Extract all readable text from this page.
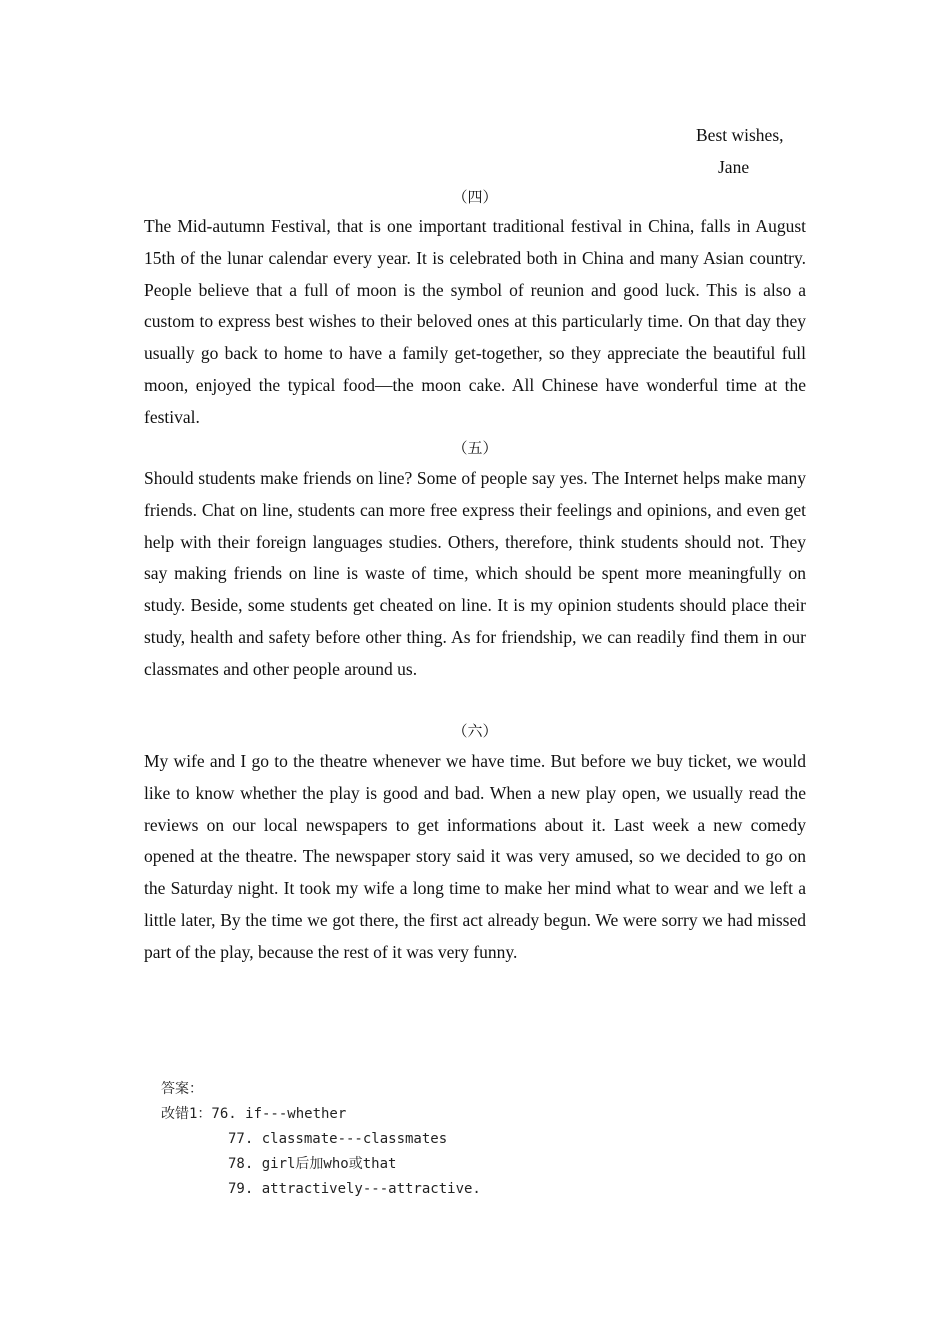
Best wishes,
Jane
（四）

The Mid-autumn Festival, that is one important traditional festival in China, falls in August 15th of the lunar calendar every year. It is celebrated both in China and many Asian country. People believe that a full of moon is the symbol of reunion and good luck. This is also a custom to express best wishes to their beloved ones at this particularly time. On that day they usually go back to home to have a family get-together, so they appreciate the beautiful full moon, enjoyed the typical food—the moon cake. All Chinese have wonderful time at the festival.

（五）

Should students make friends on line? Some of people say yes. The Internet helps make many friends. Chat on line, students can more free express their feelings and opinions, and even get help with their foreign languages studies. Others, therefore, think students should not. They say making friends on line is waste of time, which should be spent more meaningfully on study. Beside, some students get cheated on line. It is my opinion students should place their study, health and safety before other thing. As for friendship, we can readily find them in our classmates and other people around us.

（六）

My wife and I go to the theatre whenever we have time. But before we buy ticket, we would like to know whether the play is good and bad. When a new play open, we usually read the reviews on our local newspapers to get informations about it. Last week a new comedy opened at the theatre. The newspaper story said it was very amused, so we decided to go on the Saturday night. It took my wife a long time to make her mind what to wear and we left a little later, By the time we got there, the first act already begun. We were sorry we had missed part of the play, because the rest of it was very funny.

答案：
改错1：76. if---whether
77. classmate---classmates
78. girl后加who或that
79. attractively---attractive.
